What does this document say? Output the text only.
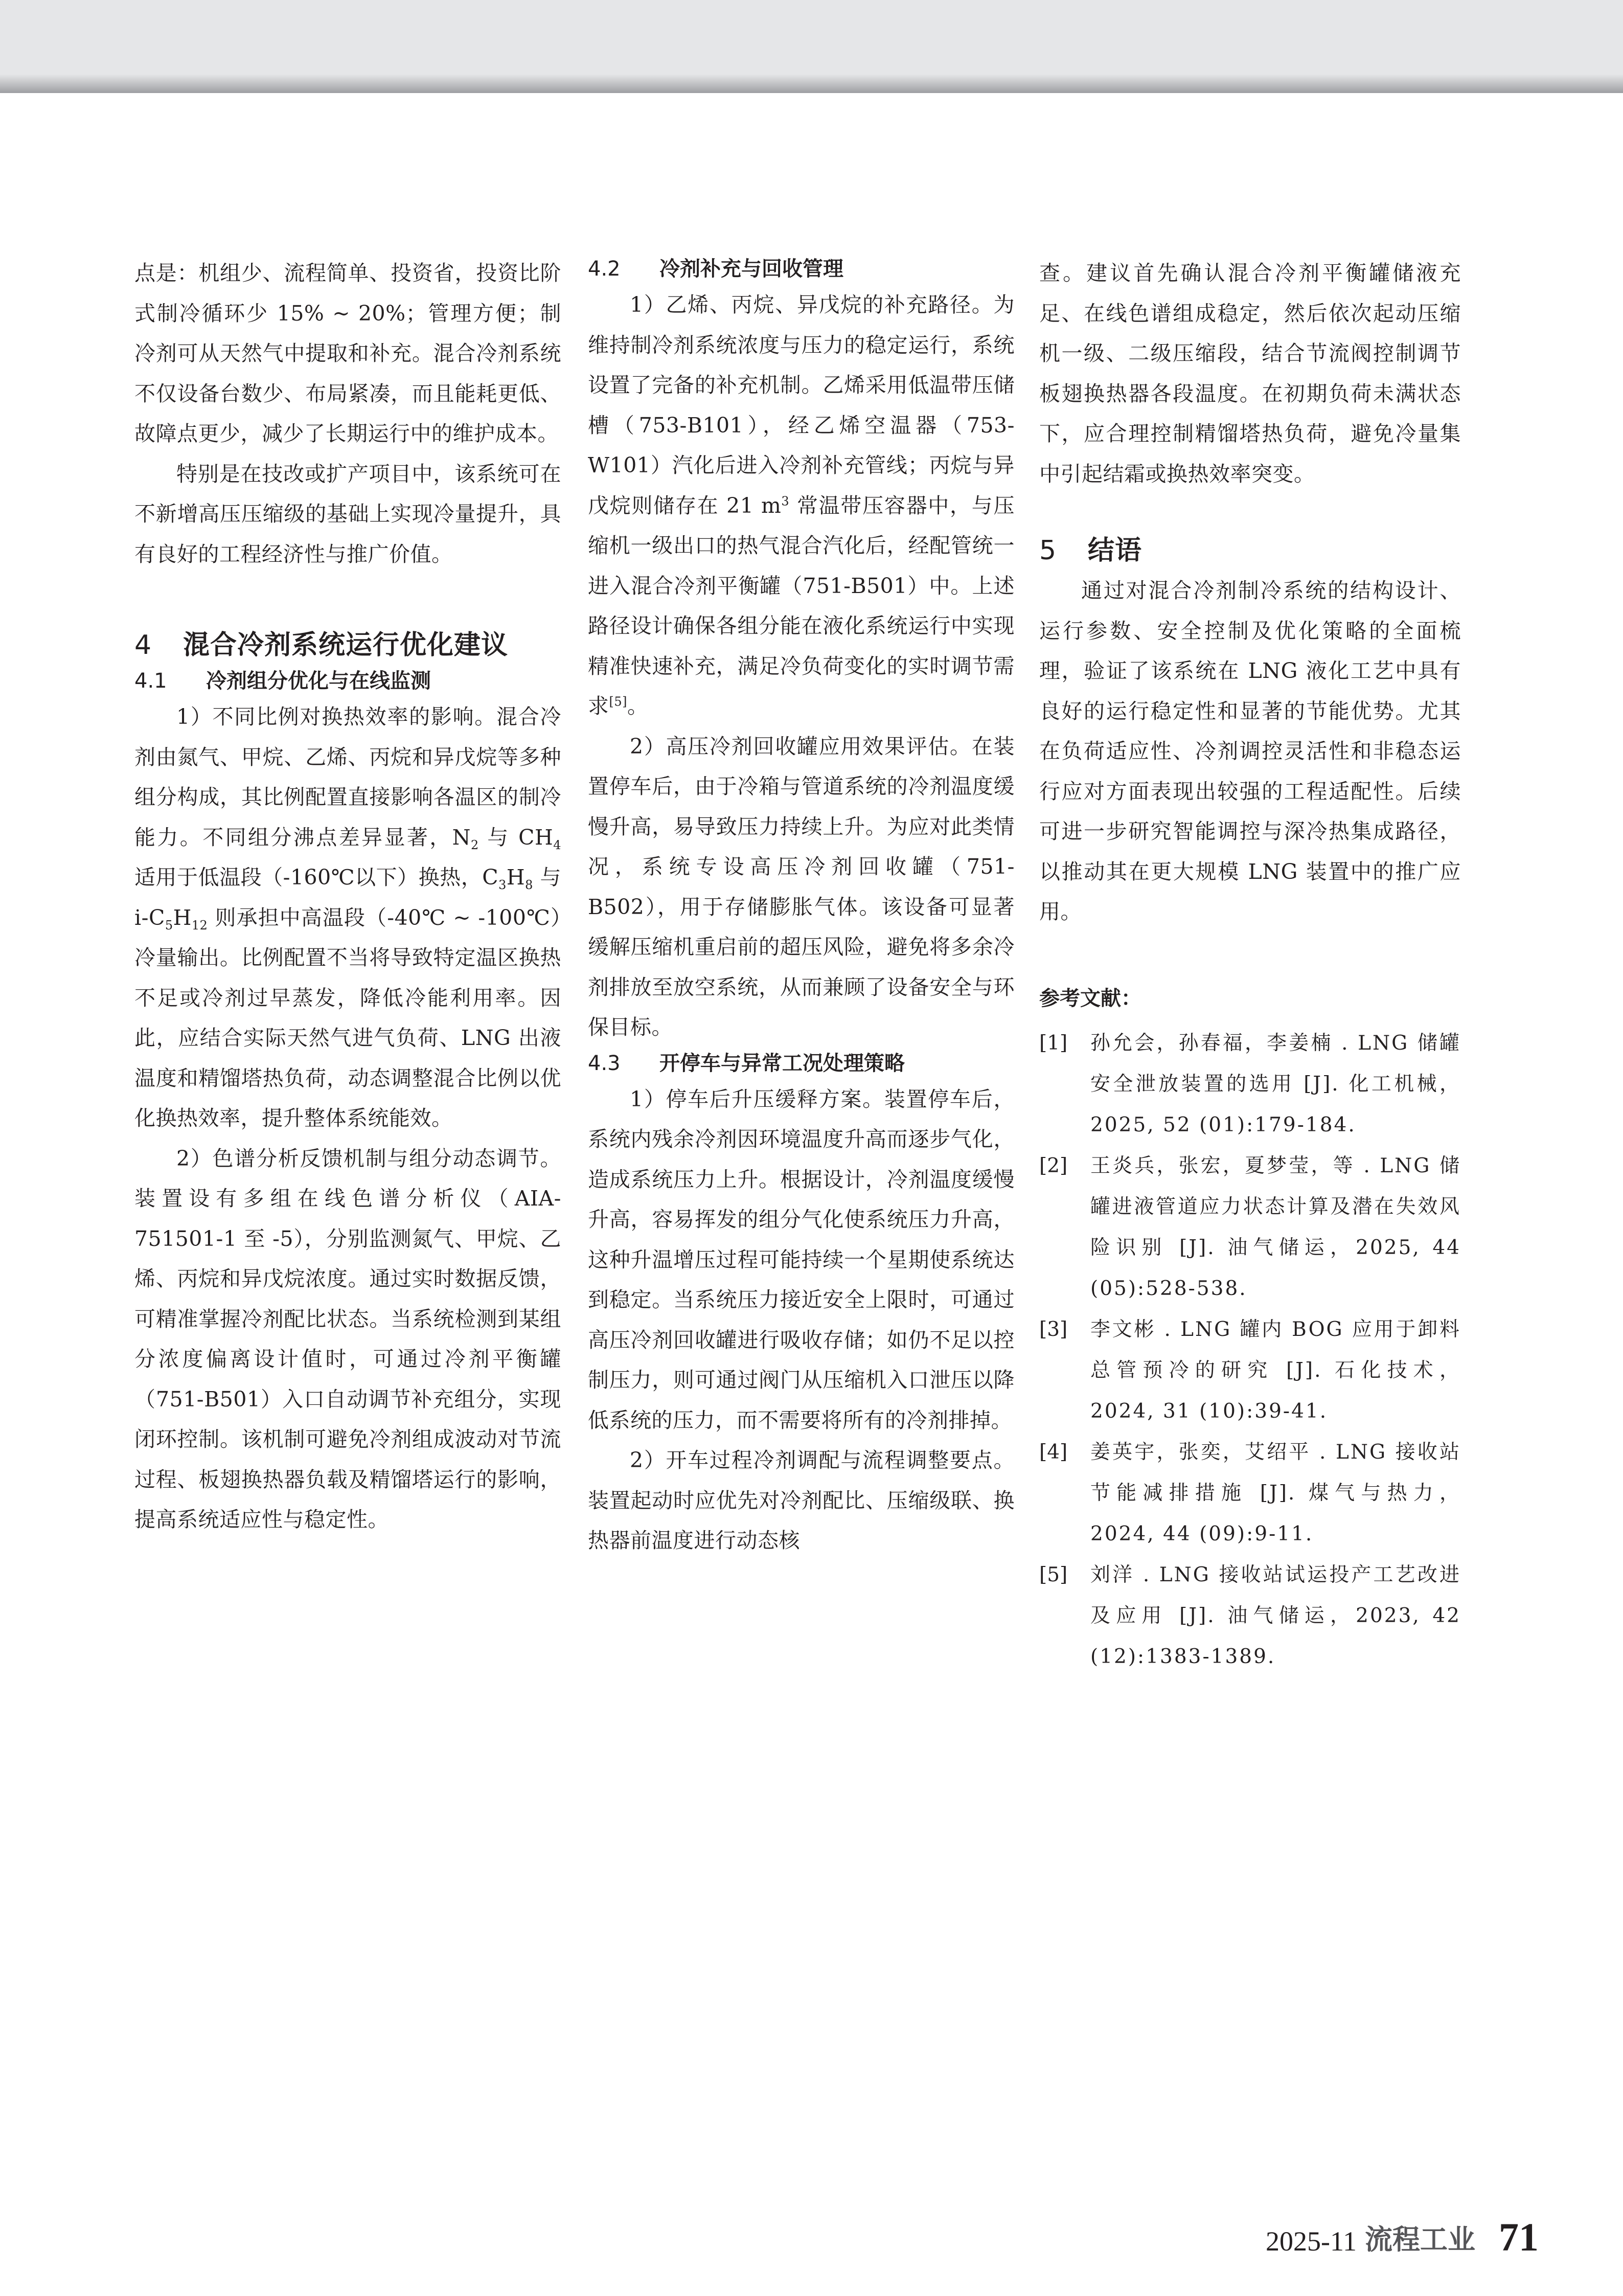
点是：机组少、流程简单、投资省，投资比阶式制冷循环少 15% ~ 20%；管理方便；制冷剂可从天然气中提取和补充。混合冷剂系统不仅设备台数少、布局紧凑，而且能耗更低、故障点更少，减少了长期运行中的维护成本。

特别是在技改或扩产项目中，该系统可在不新增高压压缩级的基础上实现冷量提升，具有良好的工程经济性与推广价值。

4 混合冷剂系统运行优化建议
4.1 冷剂组分优化与在线监测

1）不同比例对换热效率的影响。混合冷剂由氮气、甲烷、乙烯、丙烷和异戊烷等多种组分构成，其比例配置直接影响各温区的制冷能力。不同组分沸点差异显著，$N_2$ 与 $CH_4$ 适用于低温段（-160℃以下）换热，$C_3H_8$ 与 $i-C_5H_{12}$ 则承担中高温段（-40℃ ~ -100℃）冷量输出。比例配置不当将导致特定温区换热不足或冷剂过早蒸发，降低冷能利用率。因此，应结合实际天然气进气负荷、LNG 出液温度和精馏塔热负荷，动态调整混合比例以优化换热效率，提升整体系统能效。

2）色谱分析反馈机制与组分动态调节。装置设有多组在线色谱分析仪（AIA-751501-1 至 -5），分别监测氮气、甲烷、乙烯、丙烷和异戊烷浓度。通过实时数据反馈，可精准掌握冷剂配比状态。当系统检测到某组分浓度偏离设计值时，可通过冷剂平衡罐（751-B501）入口自动调节补充组分，实现闭环控制。该机制可避免冷剂组成波动对节流过程、板翅换热器负载及精馏塔运行的影响，提高系统适应性与稳定性。

4.2 冷剂补充与回收管理

1）乙烯、丙烷、异戊烷的补充路径。为维持制冷剂系统浓度与压力的稳定运行，系统设置了完备的补充机制。乙烯采用低温带压储槽（753-B101），经乙烯空温器（753-W101）汽化后进入冷剂补充管线；丙烷与异戊烷则储存在 21 $m^3$ 常温带压容器中，与压缩机一级出口的热气混合汽化后，经配管统一进入混合冷剂平衡罐（751-B501）中。上述路径设计确保各组分能在液化系统运行中实现精准快速补充，满足冷负荷变化的实时调节需求[5]。

2）高压冷剂回收罐应用效果评估。在装置停车后，由于冷箱与管道系统的冷剂温度缓慢升高，易导致压力持续上升。为应对此类情况，系统专设高压冷剂回收罐（751-B502），用于存储膨胀气体。该设备可显著缓解压缩机重启前的超压风险，避免将多余冷剂排放至放空系统，从而兼顾了设备安全与环保目标。

4.3 开停车与异常工况处理策略

1）停车后升压缓释方案。装置停车后，系统内残余冷剂因环境温度升高而逐步气化，造成系统压力上升。根据设计，冷剂温度缓慢升高，容易挥发的组分气化使系统压力升高，这种升温增压过程可能持续一个星期使系统达到稳定。当系统压力接近安全上限时，可通过高压冷剂回收罐进行吸收存储；如仍不足以控制压力，则可通过阀门从压缩机入口泄压以降低系统的压力，而不需要将所有的冷剂排掉。

2）开车过程冷剂调配与流程调整要点。装置起动时应优先对冷剂配比、压缩级联、换热器前温度进行动态核

查。建议首先确认混合冷剂平衡罐储液充足、在线色谱组成稳定，然后依次起动压缩机一级、二级压缩段，结合节流阀控制调节板翅换热器各段温度。在初期负荷未满状态下，应合理控制精馏塔热负荷，避免冷量集中引起结霜或换热效率突变。

5 结语

通过对混合冷剂制冷系统的结构设计、运行参数、安全控制及优化策略的全面梳理，验证了该系统在 LNG 液化工艺中具有良好的运行稳定性和显著的节能优势。尤其在负荷适应性、冷剂调控灵活性和非稳态运行应对方面表现出较强的工程适配性。后续可进一步研究智能调控与深冷热集成路径，以推动其在更大规模 LNG 装置中的推广应用。

参考文献：
[1]	孙允会，孙春福，李姜楠 . LNG 储罐安全泄放装置的选用 [J]. 化工机械，2025, 52 (01):179-184.
[2]	王炎兵，张宏，夏梦莹，等 . LNG 储罐进液管道应力状态计算及潜在失效风险识别 [J]. 油气储运，2025, 44 (05):528-538.
[3]	李文彬 . LNG 罐内 BOG 应用于卸料总管预冷的研究 [J]. 石化技术，2024, 31 (10):39-41.
[4]	姜英宇，张奕，艾绍平 . LNG 接收站节能减排措施 [J]. 煤气与热力，2024, 44 (09):9-11.
[5]	刘洋 . LNG 接收站试运投产工艺改进及应用 [J]. 油气储运，2023, 42 (12):1383-1389.
2025-11 流程工业 71
